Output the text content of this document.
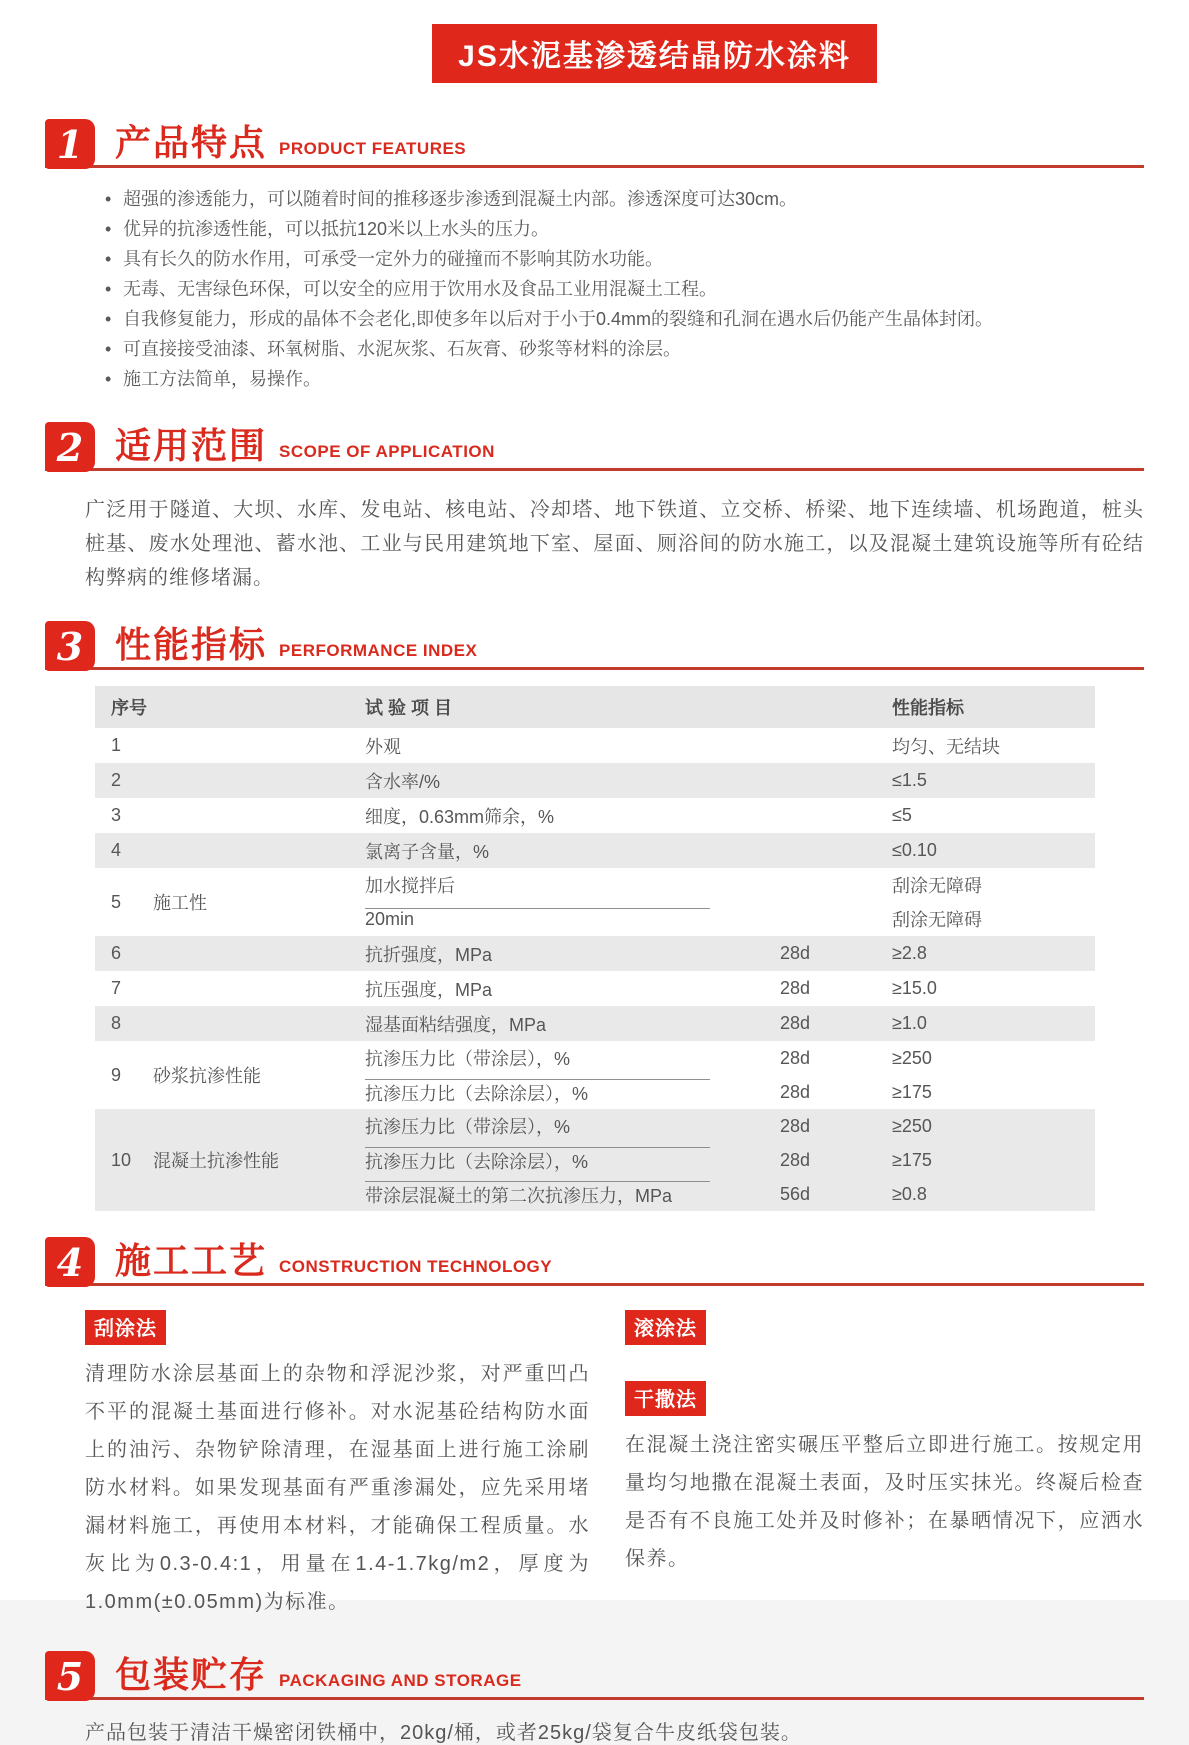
JS水泥基渗透结晶防水涂料
1 产品特点 PRODUCT FEATURES
• 超强的渗透能力，可以随着时间的推移逐步渗透到混凝土内部。渗透深度可达30cm。
• 优异的抗渗透性能，可以抵抗120米以上水头的压力。
• 具有长久的防水作用，可承受一定外力的碰撞而不影响其防水功能。
• 无毒、无害绿色环保，可以安全的应用于饮用水及食品工业用混凝土工程。
• 自我修复能力，形成的晶体不会老化,即使多年以后对于小于0.4mm的裂缝和孔洞在遇水后仍能产生晶体封闭。
• 可直接接受油漆、环氧树脂、水泥灰浆、石灰膏、砂浆等材料的涂层。
• 施工方法简单，易操作。
2 适用范围 SCOPE OF APPLICATION

广泛用于隧道、大坝、水库、发电站、核电站、冷却塔、地下铁道、立交桥、桥梁、地下连续墙、机场跑道，桩头桩基、废水处理池、蓄水池、工业与民用建筑地下室、屋面、厕浴间的防水施工，以及混凝土建筑设施等所有砼结构弊病的维修堵漏。

3 性能指标 PERFORMANCE INDEX
序号	试 验 项 目	性能指标
1	外观	均匀、无结块
2	含水率/%	≤1.5
3	细度，0.63mm筛余，%	≤5
4	氯离子含量，%	≤0.10
5	施工性
加水搅拌后	刮涂无障碍
20min	刮涂无障碍
6	抗折强度，MPa	28d	≥2.8
7	抗压强度，MPa	28d	≥15.0
8	湿基面粘结强度，MPa	28d	≥1.0
9	砂浆抗渗性能
抗渗压力比（带涂层），%	28d	≥250
抗渗压力比（去除涂层），%	28d	≥175
10	混凝土抗渗性能
抗渗压力比（带涂层），%	28d	≥250
抗渗压力比（去除涂层），%	28d	≥175
带涂层混凝土的第二次抗渗压力，MPa	56d	≥0.8
4 施工工艺 CONSTRUCTION TECHNOLOGY
刮涂法

清理防水涂层基面上的杂物和浮泥沙浆，对严重凹凸不平的混凝土基面进行修补。对水泥基砼结构防水面上的油污、杂物铲除清理，在湿基面上进行施工涂刷防水材料。如果发现基面有严重渗漏处，应先采用堵漏材料施工，再使用本材料，才能确保工程质量。水灰比为0.3-0.4:1，用量在1.4-1.7kg/m2，厚度为1.0mm(±0.05mm)为标准。

滚涂法
干撒法

在混凝土浇注密实碾压平整后立即进行施工。按规定用量均匀地撒在混凝土表面，及时压实抹光。终凝后检查是否有不良施工处并及时修补；在暴晒情况下，应洒水保养。

5 包装贮存 PACKAGING AND STORAGE

产品包装于清洁干燥密闭铁桶中，20kg/桶，或者25kg/袋复合牛皮纸袋包装。
